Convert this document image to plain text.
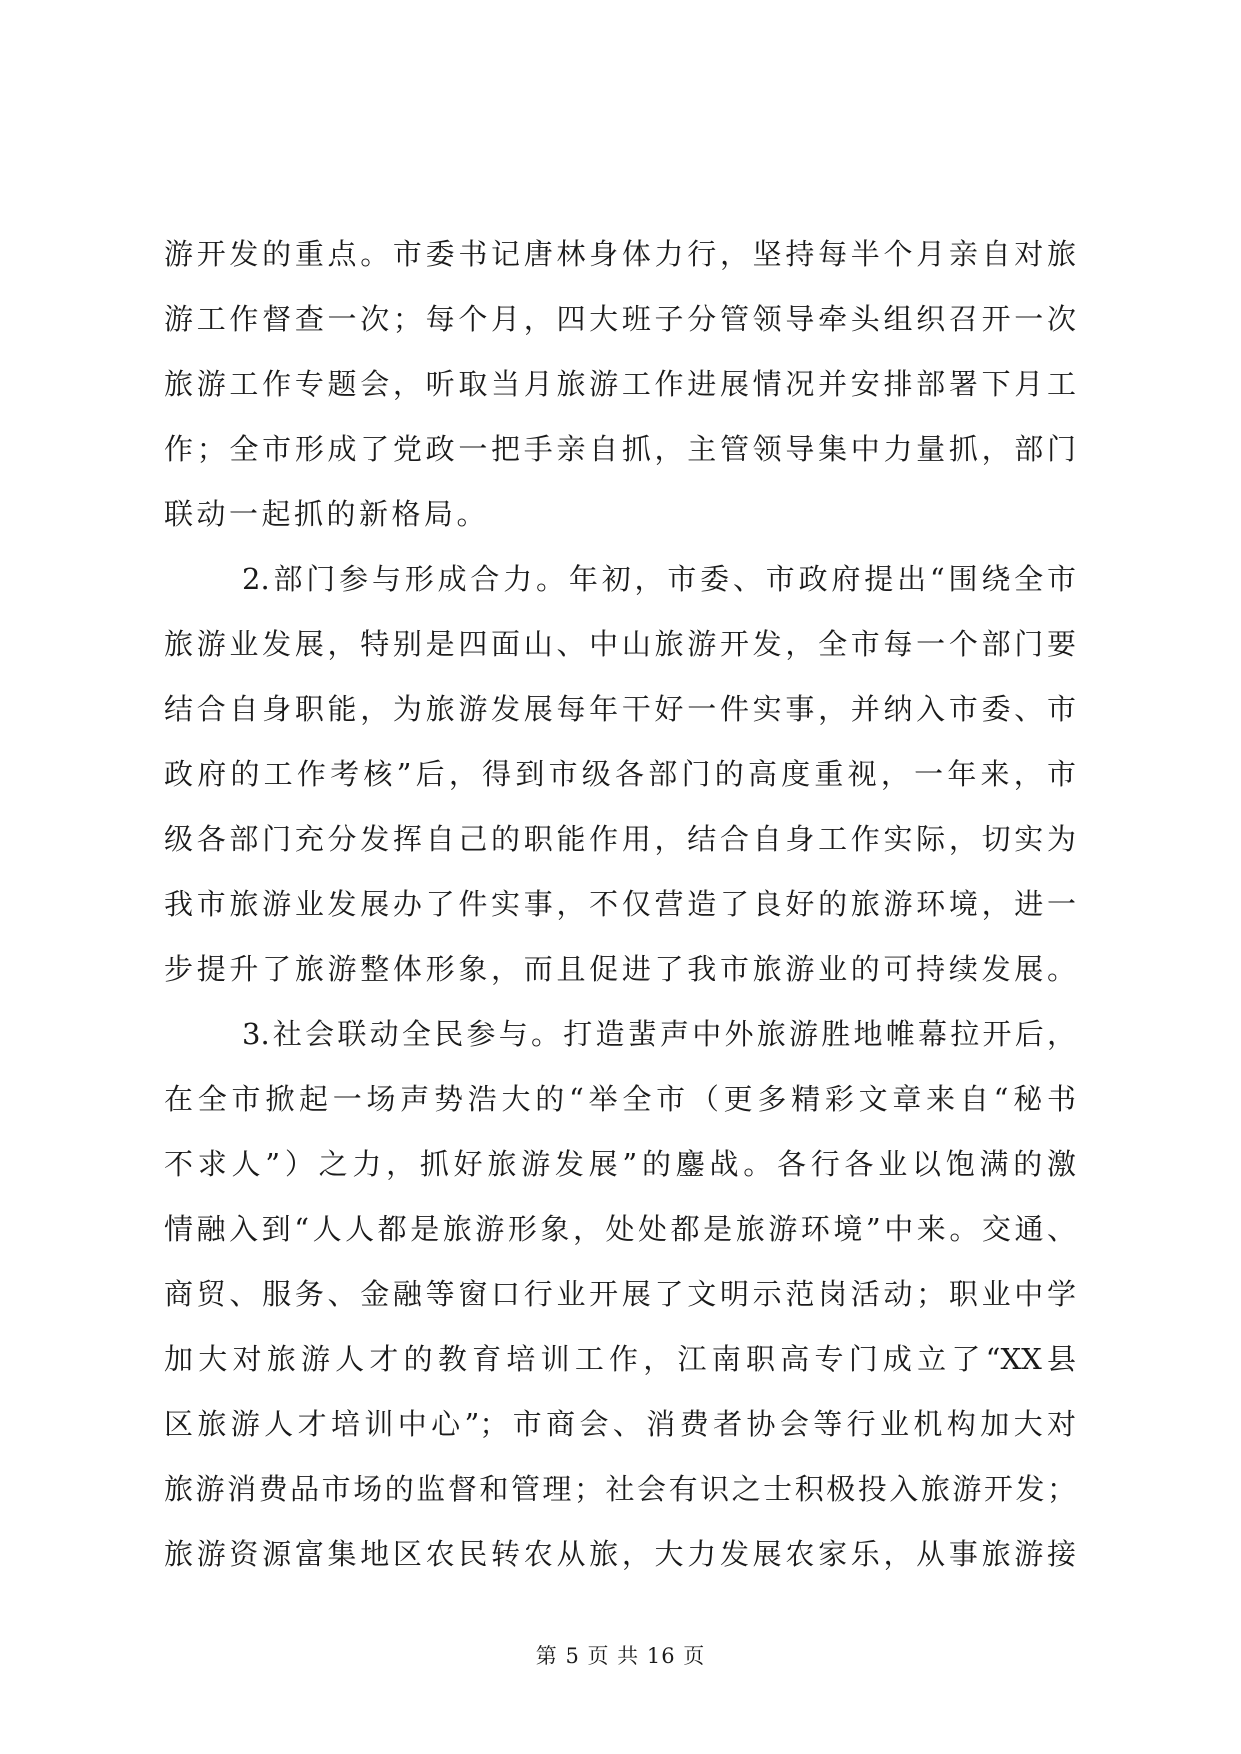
游开发的重点。市委书记唐林身体力行，坚持每半个月亲自对旅
游工作督查一次；每个月，四大班子分管领导牵头组织召开一次
旅游工作专题会，听取当月旅游工作进展情况并安排部署下月工
作；全市形成了党政一把手亲自抓，主管领导集中力量抓，部门
联动一起抓的新格局。
2.部门参与形成合力。年初，市委、市政府提出“围绕全市
旅游业发展，特别是四面山、中山旅游开发，全市每一个部门要
结合自身职能，为旅游发展每年干好一件实事，并纳入市委、市
政府的工作考核”后，得到市级各部门的高度重视，一年来，市
级各部门充分发挥自己的职能作用，结合自身工作实际，切实为
我市旅游业发展办了件实事，不仅营造了良好的旅游环境，进一
步提升了旅游整体形象，而且促进了我市旅游业的可持续发展。
3.社会联动全民参与。打造蜚声中外旅游胜地帷幕拉开后，
在全市掀起一场声势浩大的“举全市（更多精彩文章来自“秘书
不求人”）之力，抓好旅游发展”的鏖战。各行各业以饱满的激
情融入到“人人都是旅游形象，处处都是旅游环境”中来。交通、
商贸、服务、金融等窗口行业开展了文明示范岗活动；职业中学
加大对旅游人才的教育培训工作，江南职高专门成立了“XX县
区旅游人才培训中心”；市商会、消费者协会等行业机构加大对
旅游消费品市场的监督和管理；社会有识之士积极投入旅游开发；
旅游资源富集地区农民转农从旅，大力发展农家乐，从事旅游接
第 5 页 共 16 页
